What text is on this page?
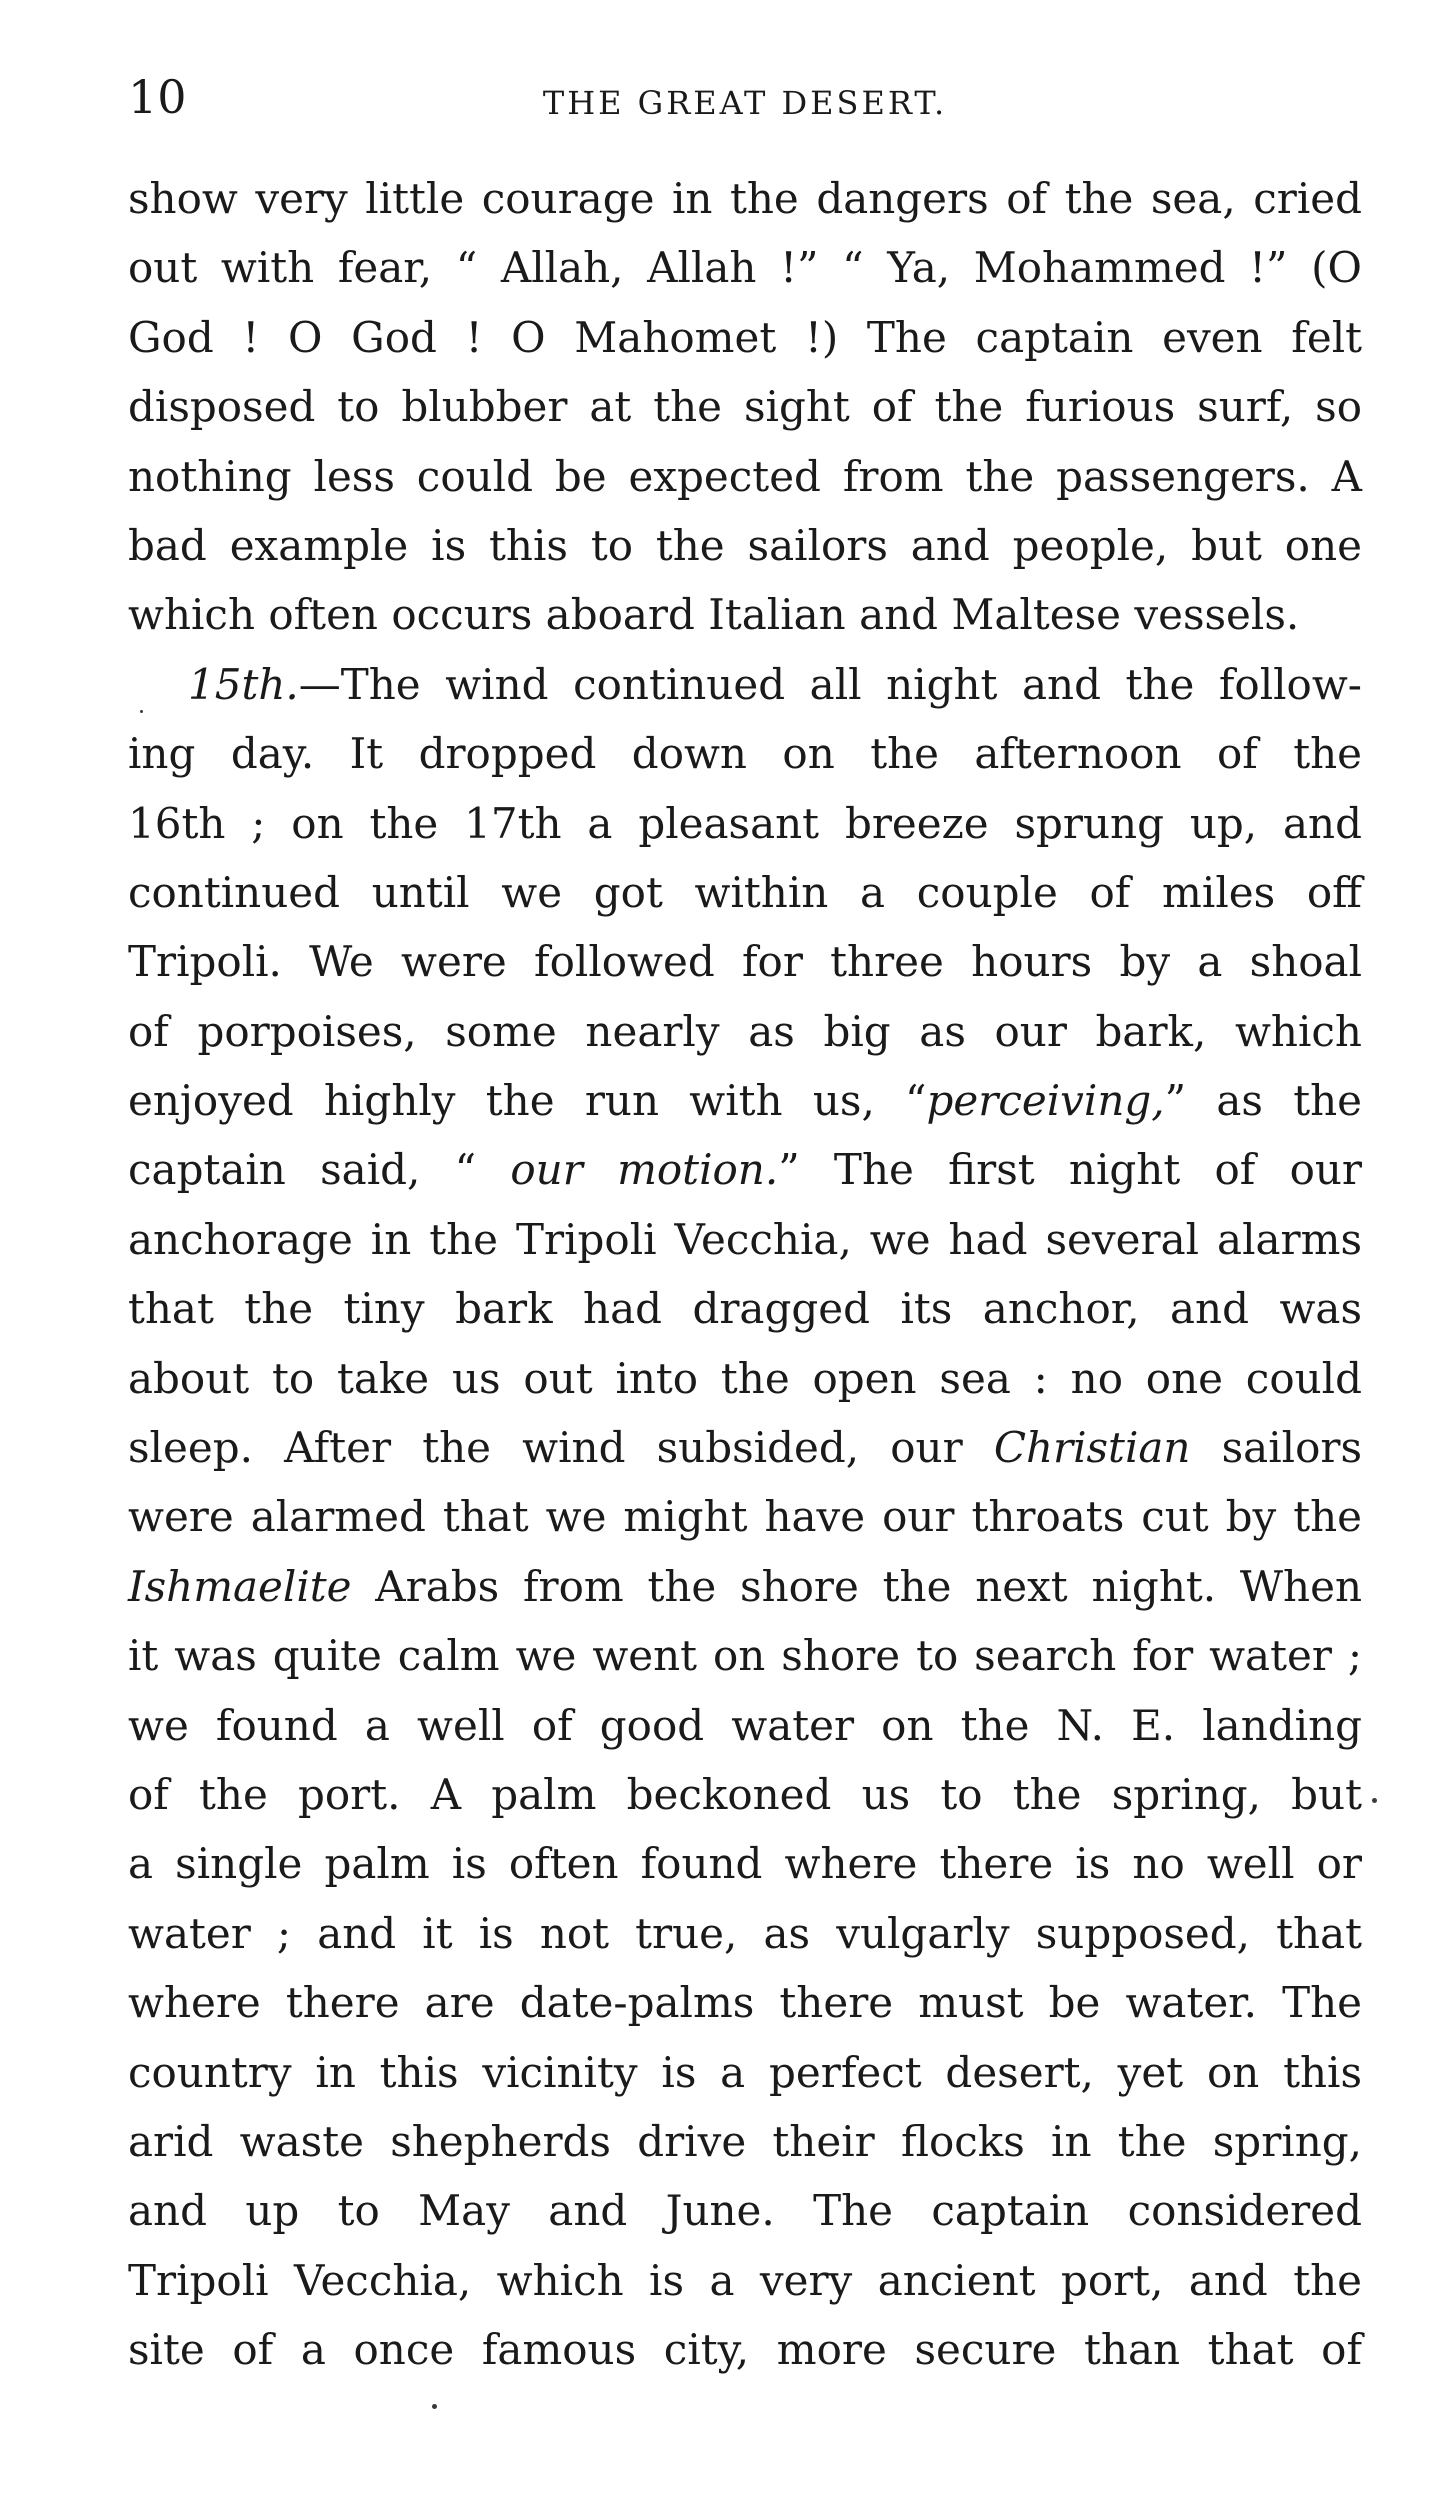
10	THE GREAT DESERT.
show very little courage in the dangers of the sea, cried
out with fear, “ Allah, Allah !” “ Ya, Mohammed !” (O
God ! O God ! O Mahomet !) The captain even felt
disposed to blubber at the sight of the furious surf, so
nothing less could be expected from the passengers. A
bad example is this to the sailors and people, but one
which often occurs aboard Italian and Maltese vessels.
15th.—The wind continued all night and the follow-
ing day. It dropped down on the afternoon of the
16th ; on the 17th a pleasant breeze sprung up, and
continued until we got within a couple of miles off
Tripoli. We were followed for three hours by a shoal
of porpoises, some nearly as big as our bark, which
enjoyed highly the run with us, “perceiving,” as the
captain said, “ our motion.” The first night of our
anchorage in the Tripoli Vecchia, we had several alarms
that the tiny bark had dragged its anchor, and was
about to take us out into the open sea : no one could
sleep. After the wind subsided, our Christian sailors
were alarmed that we might have our throats cut by the
Ishmaelite Arabs from the shore the next night. When
it was quite calm we went on shore to search for water ;
we found a well of good water on the N. E. landing
of the port. A palm beckoned us to the spring, but
a single palm is often found where there is no well or
water ; and it is not true, as vulgarly supposed, that
where there are date-palms there must be water. The
country in this vicinity is a perfect desert, yet on this
arid waste shepherds drive their flocks in the spring,
and up to May and June. The captain considered
Tripoli Vecchia, which is a very ancient port, and the
site of a once famous city, more secure than that of
